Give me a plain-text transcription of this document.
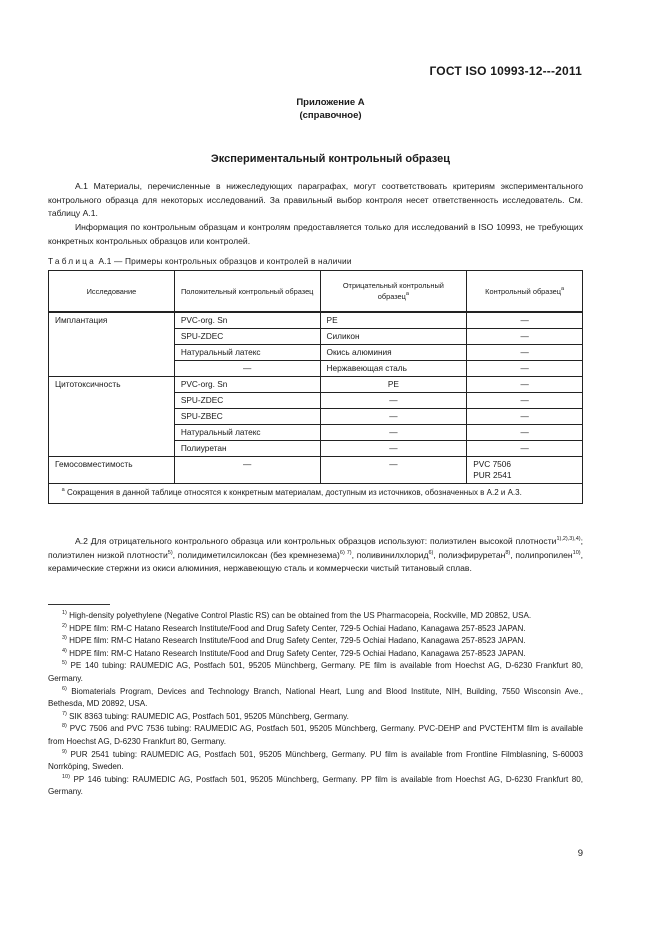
ГОСТ ISO 10993-12---2011
Приложение А
(справочное)
Экспериментальный контрольный образец
А.1 Материалы, перечисленные в нижеследующих параграфах, могут соответствовать критериям экспериментального контрольного образца для некоторых исследований. За правильный выбор контроля несет ответственность исследователь. См. таблицу А.1.
Информация по контрольным образцам и контролям предоставляется только для исследований в ISO 10993, не требующих конкретных контрольных образцов или контролей.
Таблица А.1 — Примеры контрольных образцов и контролей в наличии
Исследование	Положительный контрольный образец	Отрицательный контрольный образец$^а$	Контрольный образец$^а$
Имплантация	PVC-org. Sn	PE	—
	SPU-ZDEC	Силикон	—
	Натуральный латекс	Окись алюминия	—
	—	Нержавеющая сталь	—
Цитотоксичность	PVC-org. Sn	PE	—
	SPU-ZDEC	—	—
	SPU-ZBEC	—	—
	Натуральный латекс	—	—
	Полиуретан	—	—
Гемосовместимость	—	—	PVC 7506
PUR 2541

$^а$ Сокращения в данной таблице относятся к конкретным материалам, доступным из источников, обозначенных в А.2 и А.3.			
А.2 Для отрицательного контрольного образца или контрольных образцов используют: полиэтилен высокой плотности$^{1),2),3),4)}$; полиэтилен низкой плотности$^{5)}$, полидиметилсилоксан (без кремнезема)$^{6) 7)}$, поливинилхлорид$^{6)}$, полиэфируретан$^{8)}$, полипропилен$^{10)}$, керамические стержни из окиси алюминия, нержавеющую сталь и коммерчески чистый титановый сплав.
$^{1)}$ High-density polyethylene (Negative Control Plastic RS) can be obtained from the US Pharmacopeia, Rockville, MD 20852, USA.
$^{2)}$ HDPE film: RM-C Hatano Research Institute/Food and Drug Safety Center, 729-5 Ochiai Hadano, Kanagawa 257-8523 JAPAN.
$^{3)}$ HDPE film: RM-C Hatano Research Institute/Food and Drug Safety Center, 729-5 Ochiai Hadano, Kanagawa 257-8523 JAPAN.
$^{4)}$ HDPE film: RM-C Hatano Research Institute/Food and Drug Safety Center, 729-5 Ochiai Hadano, Kanagawa 257-8523 JAPAN.
$^{5)}$ PE 140 tubing: RAUMEDIC AG, Postfach 501, 95205 Münchberg, Germany. PE film is available from Hoechst AG, D-6230 Frankfurt 80, Germany.
$^{6)}$ Biomaterials Program, Devices and Technology Branch, National Heart, Lung and Blood Institute, NIH, Building, 7550 Wisconsin Ave., Bethesda, MD 20892, USA.
$^{7)}$ SIK 8363 tubing: RAUMEDIC AG, Postfach 501, 95205 Münchberg, Germany.
$^{8)}$ PVC 7506 and PVC 7536 tubing: RAUMEDIC AG, Postfach 501, 95205 Münchberg, Germany. PVC-DEHP and PVCTEHTM film is available from Hoechst AG, D-6230 Frankfurt 80, Germany.
$^{9)}$ PUR 2541 tubing: RAUMEDIC AG, Postfach 501, 95205 Münchberg, Germany. PU film is available from Frontline Filmblasning, S-60003 Norrköping, Sweden.
$^{10)}$ PP 146 tubing: RAUMEDIC AG, Postfach 501, 95205 Münchberg, Germany. PP film is available from Hoechst AG, D-6230 Frankfurt 80, Germany.
9
